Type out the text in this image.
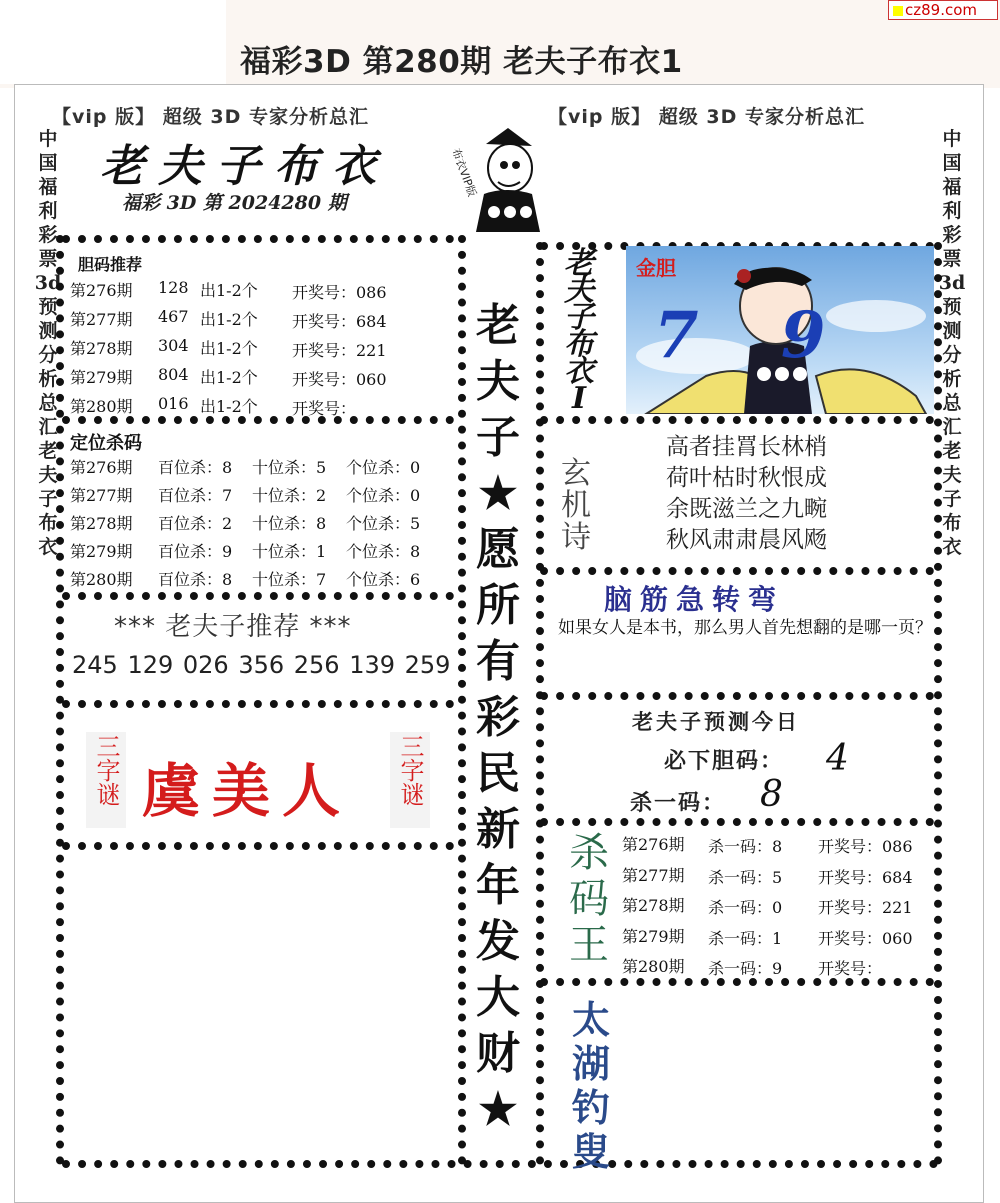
福彩3D 第280期 老夫子布衣1
cz89.com
【vip 版】 超级 3D 专家分析总汇	【vip 版】 超级 3D 专家分析总汇
老夫子布衣
福彩 3D 第 2024280 期
布衣VIP版
中
国
福
利
彩
票
3d
预
测
分
析
总
汇
老
夫
子
布
衣
中
国
福
利
彩
票
3d
预
测
分
析
总
汇
老
夫
子
布
衣
胆码推荐
定位杀码
*** 老夫子推荐 ***
245 129 026 356 256 139 259
三字谜	三字谜
虞美人
老
夫
子
★
愿
所
有
彩
民
新
年
发
大
财
★
老
夫
子
布
衣
I
金胆
7 9
玄
机
诗
高者挂罥长林梢
荷叶枯时秋恨成
余既滋兰之九畹
秋风肃肃晨风飏
脑筋急转弯
如果女人是本书，那么男人首先想翻的是哪一页？
老夫子预测今日
必下胆码： 4
杀一码： 8
杀
码
王
太
湖
钓
叟
第276期 128 出1-2个 开奖号：086
第277期 467 出1-2个 开奖号：684
第278期 304 出1-2个 开奖号：221
第279期 804 出1-2个 开奖号：060
第280期 016 出1-2个 开奖号：
第276期 百位杀：8 十位杀：5 个位杀：0
第277期 百位杀：7 十位杀：2 个位杀：0
第278期 百位杀：2 十位杀：8 个位杀：5
第279期 百位杀：9 十位杀：1 个位杀：8
第280期 百位杀：8 十位杀：7 个位杀：6
第276期 杀一码：8 开奖号：086
第277期 杀一码：5 开奖号：684
第278期 杀一码：0 开奖号：221
第279期 杀一码：1 开奖号：060
第280期 杀一码：9 开奖号：
